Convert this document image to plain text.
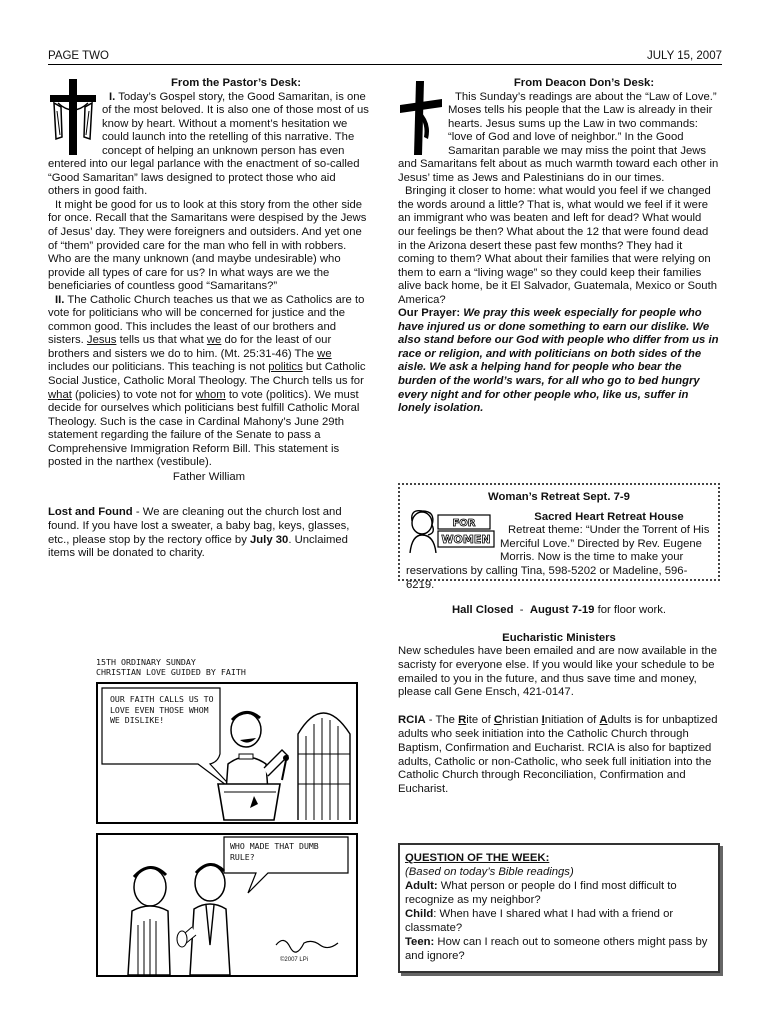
PAGE TWO	JULY 15, 2007

From the Pastor’s Desk:

I. Today’s Gospel story, the Good Samaritan, is one of the most beloved. It is also one of those most of us know by heart. Without a moment’s hesitation we could launch into the retelling of this narrative. The concept of helping an unknown person has even entered into our legal parlance with the enactment of so-called “Good Samaritan” laws designed to protect those who aid others in good faith.

It might be good for us to look at this story from the other side for once. Recall that the Samaritans were despised by the Jews of Jesus’ day. They were foreigners and outsiders. And yet one of “them” provided care for the man who fell in with robbers. Who are the many unknown (and maybe undesirable) who provide all types of care for us? In what ways are we the beneficiaries of countless good “Samaritans?”

II. The Catholic Church teaches us that we as Catholics are to vote for politicians who will be concerned for justice and the common good. This includes the least of our brothers and sisters. Jesus tells us that what we do for the least of our brothers and sisters we do to him. (Mt. 25:31-46) The we includes our politicians. This teaching is not politics but Catholic Social Justice, Catholic Moral Theology. The Church tells us for what (policies) to vote not for whom to vote (politics). We must decide for ourselves which politicians best fulfill Catholic Moral Theology. Such is the case in Cardinal Mahony’s June 29th statement regarding the failure of the Senate to pass a Comprehensive Immigration Reform Bill. This statement is posted in the narthex (vestibule).

Father William

Lost and Found - We are cleaning out the church lost and found. If you have lost a sweater, a baby bag, keys, glasses, etc., please stop by the rectory office by July 30. Unclaimed items will be donated to charity.

15TH ORDINARY SUNDAY
CHRISTIAN LOVE GUIDED BY FAITH
OUR FAITH CALLS US TO LOVE EVEN THOSE WHOM WE DISLIKE!
WHO MADE THAT DUMB RULE?
©2007 LPi

From Deacon Don’s Desk:

This Sunday’s readings are about the “Law of Love.” Moses tells his people that the Law is already in their hearts. Jesus sums up the Law in two commands: “love of God and love of neighbor.” In the Good Samaritan parable we may miss the point that Jews and Samaritans felt about as much warmth toward each other in Jesus’ time as Jews and Palestinians do in our times.

Bringing it closer to home: what would you feel if we changed the words around a little? That is, what would we feel if it were an immigrant who was beaten and left for dead? What would our feelings be then? What about the 12 that were found dead in the Arizona desert these past few months? They had it coming to them? What about their families that were relying on them to earn a “living wage” so they could keep their families alive back home, be it El Salvador, Guatemala, Mexico or South America?

Our Prayer: We pray this week especially for people who have injured us or done something to earn our dislike. We also stand before our God with people who differ from us in race or religion, and with politicians on both sides of the aisle. We ask a helping hand for people who bear the burden of the world’s wars, for all who go to bed hungry every night and for other people who, like us, suffer in lonely isolation.

Woman’s Retreat Sept. 7-9

FOR
WOMEN

Sacred Heart Retreat House

Retreat theme: “Under the Torrent of His Merciful Love.” Directed by Rev. Eugene Morris. Now is the time to make your reservations by calling Tina, 598-5202 or Madeline, 596-6219.

Hall Closed  -  August 7-19 for floor work.

Eucharistic Ministers

New schedules have been emailed and are now available in the sacristy for everyone else. If you would like your schedule to be emailed to you in the future, and thus save time and money, please call Gene Ensch, 421-0147.

RCIA - The Rite of Christian Initiation of Adults is for unbaptized adults who seek initiation into the Catholic Church through Baptism, Confirmation and Eucharist. RCIA is also for baptized adults, Catholic or non-Catholic, who seek full initiation into the Catholic Church through Reconciliation, Confirmation and Eucharist.

QUESTION OF THE WEEK:

(Based on today’s Bible readings)

Adult: What person or people do I find most difficult to recognize as my neighbor?

Child: When have I shared what I had with a friend or classmate?

Teen: How can I reach out to someone others might pass by and ignore?
